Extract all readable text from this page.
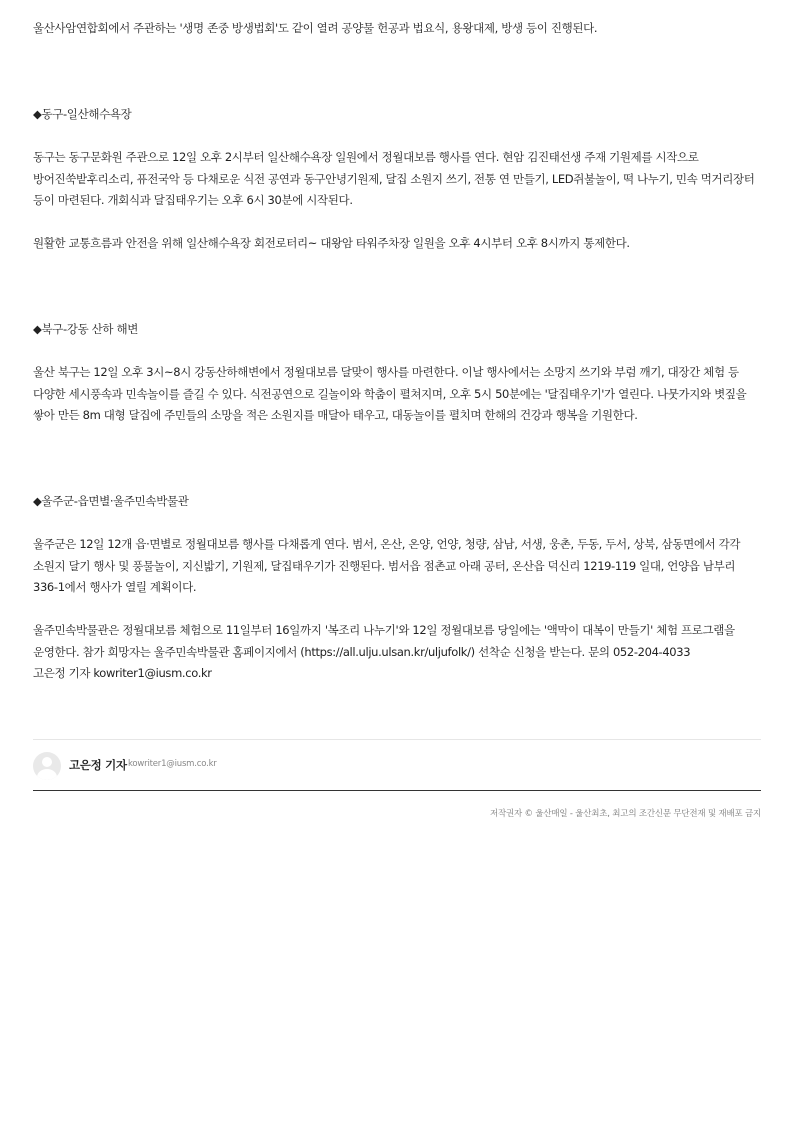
울산사암연합회에서 주관하는 '생명 존중 방생법회'도 같이 열려 공양물 헌공과 법요식, 용왕대제, 방생 등이 진행된다.

◆동구-일산해수욕장

동구는 동구문화원 주관으로 12일 오후 2시부터 일산해수욕장 일원에서 정월대보름 행사를 연다. 현암 김진태선생 주재 기원제를 시작으로 방어진쑥밭후리소리, 퓨전국악 등 다채로운 식전 공연과 동구안녕기원제, 달집 소원지 쓰기, 전통 연 만들기, LED쥐불놀이, 떡 나누기, 민속 먹거리장터 등이 마련된다. 개회식과 달집태우기는 오후 6시 30분에 시작된다.

원활한 교통흐름과 안전을 위해 일산해수욕장 회전로터리~ 대왕암 타워주차장 일원을 오후 4시부터 오후 8시까지 통제한다.

◆북구-강동 산하 해변

울산 북구는 12일 오후 3시~8시 강동산하해변에서 정월대보름 달맞이 행사를 마련한다. 이날 행사에서는 소망지 쓰기와 부럼 깨기, 대장간 체험 등 다양한 세시풍속과 민속놀이를 즐길 수 있다. 식전공연으로 길놀이와 학춤이 펼쳐지며, 오후 5시 50분에는 '달집태우기'가 열린다. 나뭇가지와 볏짚을 쌓아 만든 8m 대형 달집에 주민들의 소망을 적은 소원지를 매달아 태우고, 대동놀이를 펼치며 한해의 건강과 행복을 기원한다.

◆울주군-읍면별·울주민속박물관

울주군은 12일 12개 읍·면별로 정월대보름 행사를 다채롭게 연다. 범서, 온산, 온양, 언양, 청량, 삼남, 서생, 웅촌, 두동, 두서, 상북, 삼동면에서 각각 소원지 달기 행사 및 풍물놀이, 지신밟기, 기원제, 달집태우기가 진행된다. 범서읍 점촌교 아래 공터, 온산읍 덕신리 1219-119 일대, 언양읍 남부리 336-1에서 행사가 열릴 계획이다.

울주민속박물관은 정월대보름 체험으로 11일부터 16일까지 '복조리 나누기'와 12일 정월대보름 당일에는 '액막이 대복이 만들기' 체험 프로그램을 운영한다. 참가 희망자는 울주민속박물관 홈페이지에서 (https://all.ulju.ulsan.kr/uljufolk/) 선착순 신청을 받는다. 문의 052-204-4033

고은정 기자 kowriter1@iusm.co.kr

고은정 기자 kowriter1@iusm.co.kr
저작권자 © 울산매일 - 울산최초, 최고의 조간신문 무단전재 및 재배포 금지
